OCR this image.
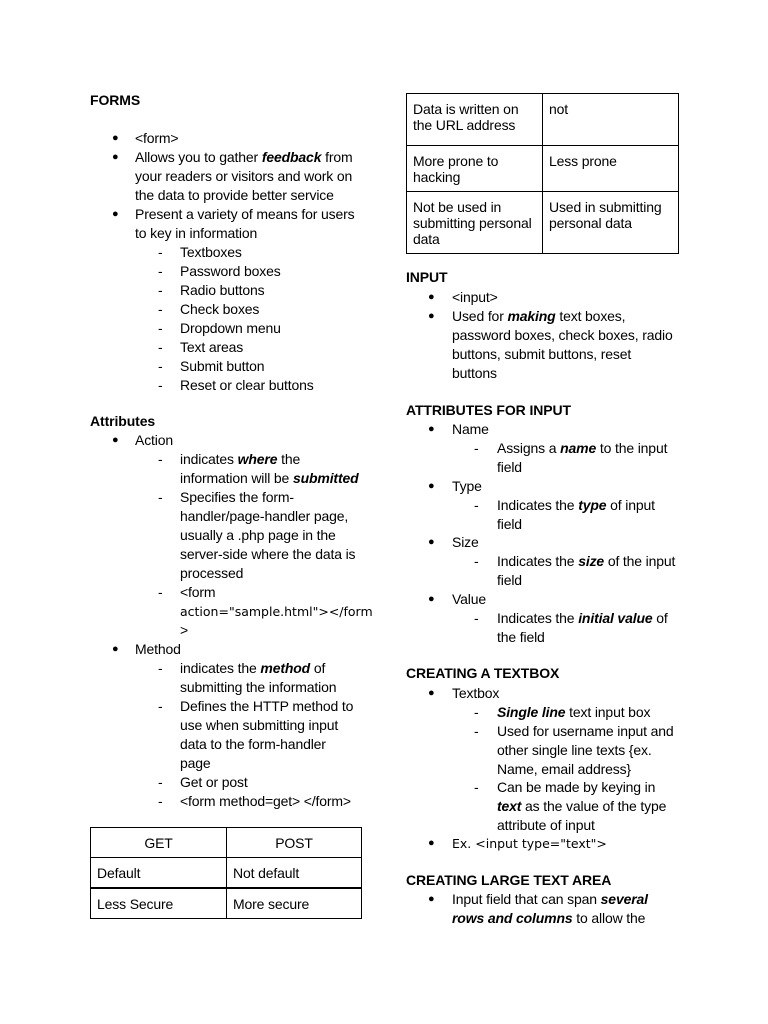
FORMS
● <form>
● Allows you to gather feedback from
your readers or visitors and work on
the data to provide better service
● Present a variety of means for users
to key in information
- Textboxes
- Password boxes
- Radio buttons
- Check boxes
- Dropdown menu
- Text areas
- Submit button
- Reset or clear buttons
Attributes
● Action
- indicates where the
information will be submitted
- Specifies the form-
handler/page-handler page,
usually a .php page in the
server-side where the data is
processed
- <form
action="sample.html"></form
>
● Method
- indicates the method of
submitting the information
- Defines the HTTP method to
use when submitting input
data to the form-handler
page
- Get or post
- <form method=get> </form>
GET	POST
Default	Not default
Less Secure	More secure
Data is written on
the URL address	not
More prone to
hacking	Less prone
Not be used in
submitting personal
data	Used in submitting
personal data
INPUT
● <input>
● Used for making text boxes,
password boxes, check boxes, radio
buttons, submit buttons, reset
buttons
ATTRIBUTES FOR INPUT
● Name
- Assigns a name to the input
field
● Type
- Indicates the type of input
field
● Size
- Indicates the size of the input
field
● Value
- Indicates the initial value of
the field
CREATING A TEXTBOX
● Textbox
- Single line text input box
- Used for username input and
other single line texts {ex.
Name, email address}
- Can be made by keying in
text as the value of the type
attribute of input
● Ex. <input type="text">
CREATING LARGE TEXT AREA
● Input field that can span several
rows and columns to allow the
